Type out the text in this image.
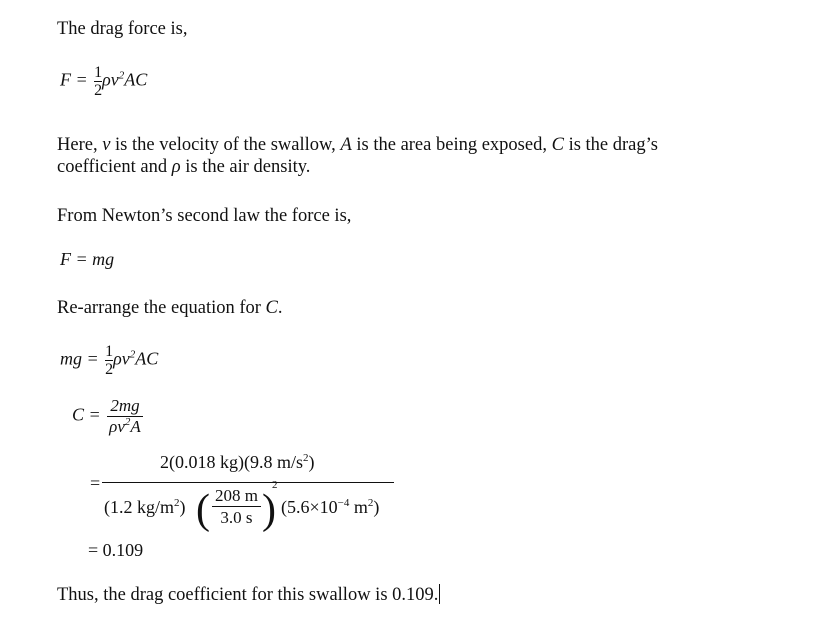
The drag force is,
$F = \frac{1}{2} \rho v^2AC$
Here, v is the velocity of the swallow, A is the area being exposed, C is the drag’s
coefficient and ρ is the air density.
From Newton’s second law the force is,
F = mg
Re-arrange the equation for C.
mg = $\frac{1}{2} \rho v^2AC$
$C = \frac{2mg}{\rho v^2A}$
=
2(0.018 kg)(9.8 $m/s^2$)
(1.2 $kg/m^2$) ( $\frac{208 m}{3.0 s}$ )
2
($5.6\times 10^{-4}$ $m^2$)
= 0.109
Thus, the drag coefficient for this swallow is 0.109.
